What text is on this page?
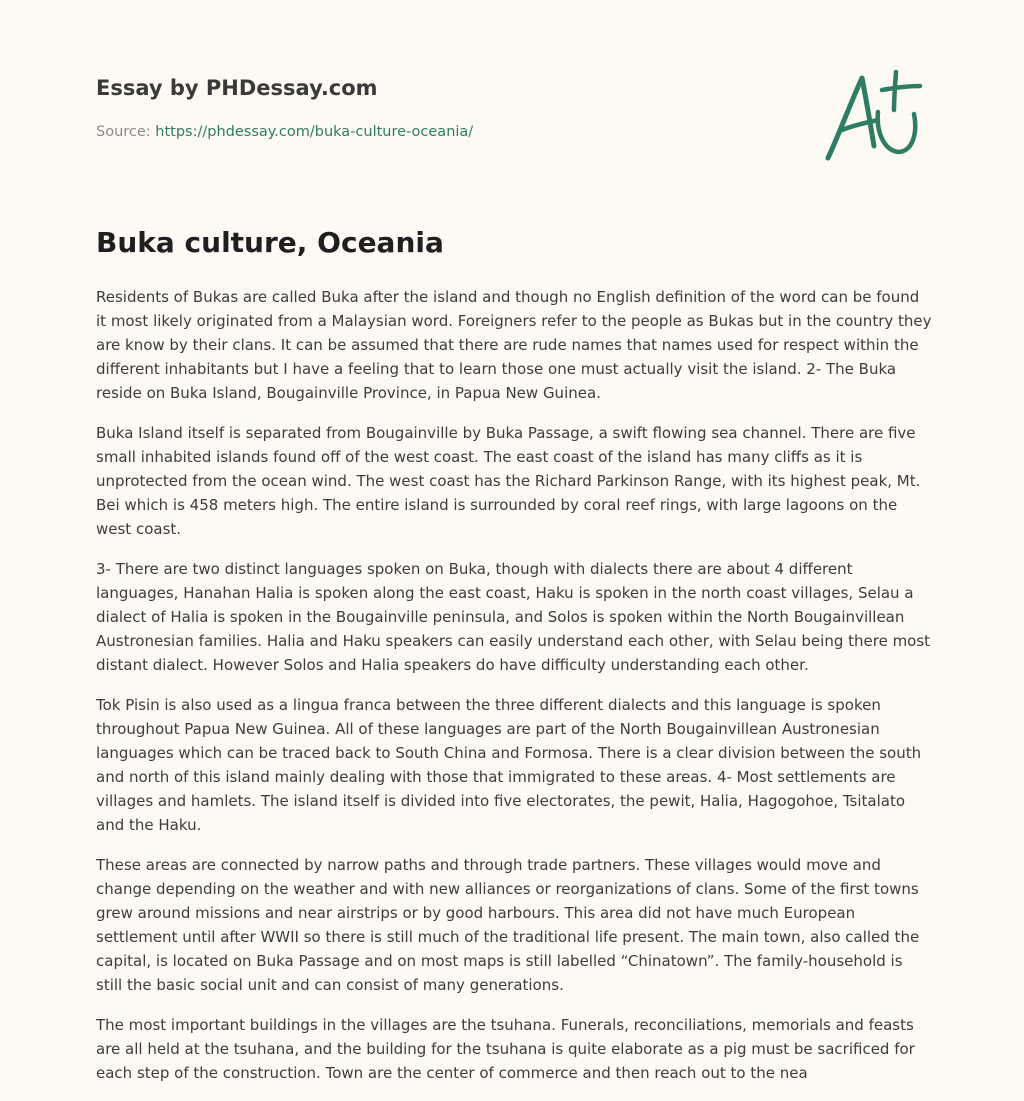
Essay by PHDessay.com
Source: https://phdessay.com/buka-culture-oceania/
Buka culture, Oceania

Residents of Bukas are called Buka after the island and though no English definition of the word can be found it most likely originated from a Malaysian word. Foreigners refer to the people as Bukas but in the country they are know by their clans. It can be assumed that there are rude names that names used for respect within the different inhabitants but I have a feeling that to learn those one must actually visit the island. 2- The Buka reside on Buka Island, Bougainville Province, in Papua New Guinea.

Buka Island itself is separated from Bougainville by Buka Passage, a swift flowing sea channel. There are five small inhabited islands found off of the west coast. The east coast of the island has many cliffs as it is unprotected from the ocean wind. The west coast has the Richard Parkinson Range, with its highest peak, Mt. Bei which is 458 meters high. The entire island is surrounded by coral reef rings, with large lagoons on the west coast.

3- There are two distinct languages spoken on Buka, though with dialects there are about 4 different languages, Hanahan Halia is spoken along the east coast, Haku is spoken in the north coast villages, Selau a dialect of Halia is spoken in the Bougainville peninsula, and Solos is spoken within the North Bougainvillean Austronesian families. Halia and Haku speakers can easily understand each other, with Selau being there most distant dialect. However Solos and Halia speakers do have difficulty understanding each other.

Tok Pisin is also used as a lingua franca between the three different dialects and this language is spoken throughout Papua New Guinea. All of these languages are part of the North Bougainvillean Austronesian languages which can be traced back to South China and Formosa. There is a clear division between the south and north of this island mainly dealing with those that immigrated to these areas. 4- Most settlements are villages and hamlets. The island itself is divided into five electorates, the pewit, Halia, Hagogohoe, Tsitalato and the Haku.

These areas are connected by narrow paths and through trade partners. These villages would move and change depending on the weather and with new alliances or reorganizations of clans. Some of the first towns grew around missions and near airstrips or by good harbours. This area did not have much European settlement until after WWII so there is still much of the traditional life present. The main town, also called the capital, is located on Buka Passage and on most maps is still labelled “Chinatown”. The family-household is still the basic social unit and can consist of many generations.

The most important buildings in the villages are the tsuhana. Funerals, reconciliations, memorials and feasts are all held at the tsuhana, and the building for the tsuhana is quite elaborate as a pig must be sacrificed for each step of the construction. Town are the center of commerce and then reach out to the nea
